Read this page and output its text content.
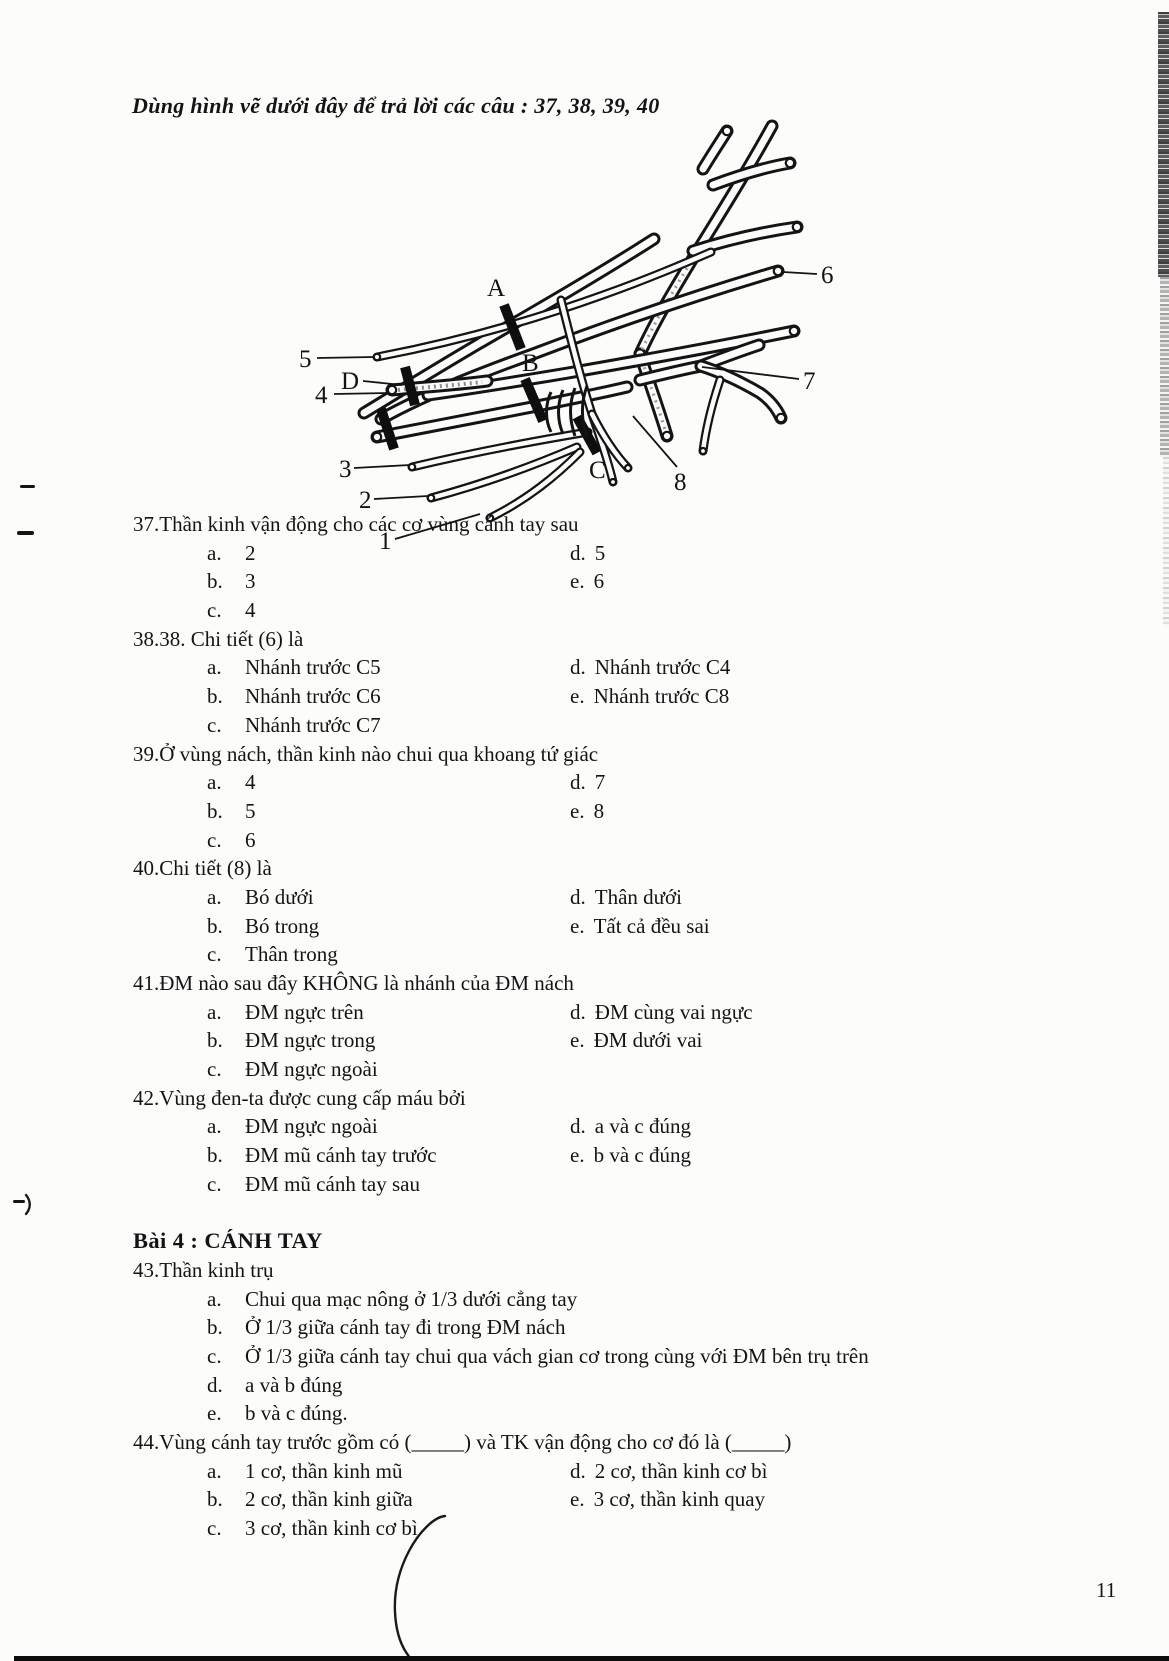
Dùng hình vẽ dưới đây để trả lời các câu : 37, 38, 39, 40
A
B
C
D
1
2
3
4
5
6
7
8
37.Thần kinh vận động cho các cơ vùng cánh tay sau
a. 2	d. 5
b. 3	e. 6
c. 4
38.38. Chi tiết (6) là
a. Nhánh trước C5	d. Nhánh trước C4
b. Nhánh trước C6	e. Nhánh trước C8
c. Nhánh trước C7
39.Ở vùng nách, thần kinh nào chui qua khoang tứ giác
a. 4	d. 7
b. 5	e. 8
c. 6
40.Chi tiết (8) là
a. Bó dưới	d. Thân dưới
b. Bó trong	e. Tất cả đều sai
c. Thân trong
41.ĐM nào sau đây KHÔNG là nhánh của ĐM nách
a. ĐM ngực trên	d. ĐM cùng vai ngực
b. ĐM ngực trong	e. ĐM dưới vai
c. ĐM ngực ngoài
42.Vùng đen-ta được cung cấp máu bởi
a. ĐM ngực ngoài	d. a và c đúng
b. ĐM mũ cánh tay trước	e. b và c đúng
c. ĐM mũ cánh tay sau
Bài 4 : CÁNH TAY
43.Thần kinh trụ
a. Chui qua mạc nông ở 1/3 dưới cẳng tay
b. Ở 1/3 giữa cánh tay đi trong ĐM nách
c. Ở 1/3 giữa cánh tay chui qua vách gian cơ trong cùng với ĐM bên trụ trên
d. a và b đúng
e. b và c đúng.
44.Vùng cánh tay trước gồm có (_____) và TK vận động cho cơ đó là (_____)
a. 1 cơ, thần kinh mũ	d. 2 cơ, thần kinh cơ bì
b. 2 cơ, thần kinh giữa	e. 3 cơ, thần kinh quay
c. 3 cơ, thần kinh cơ bì
11
